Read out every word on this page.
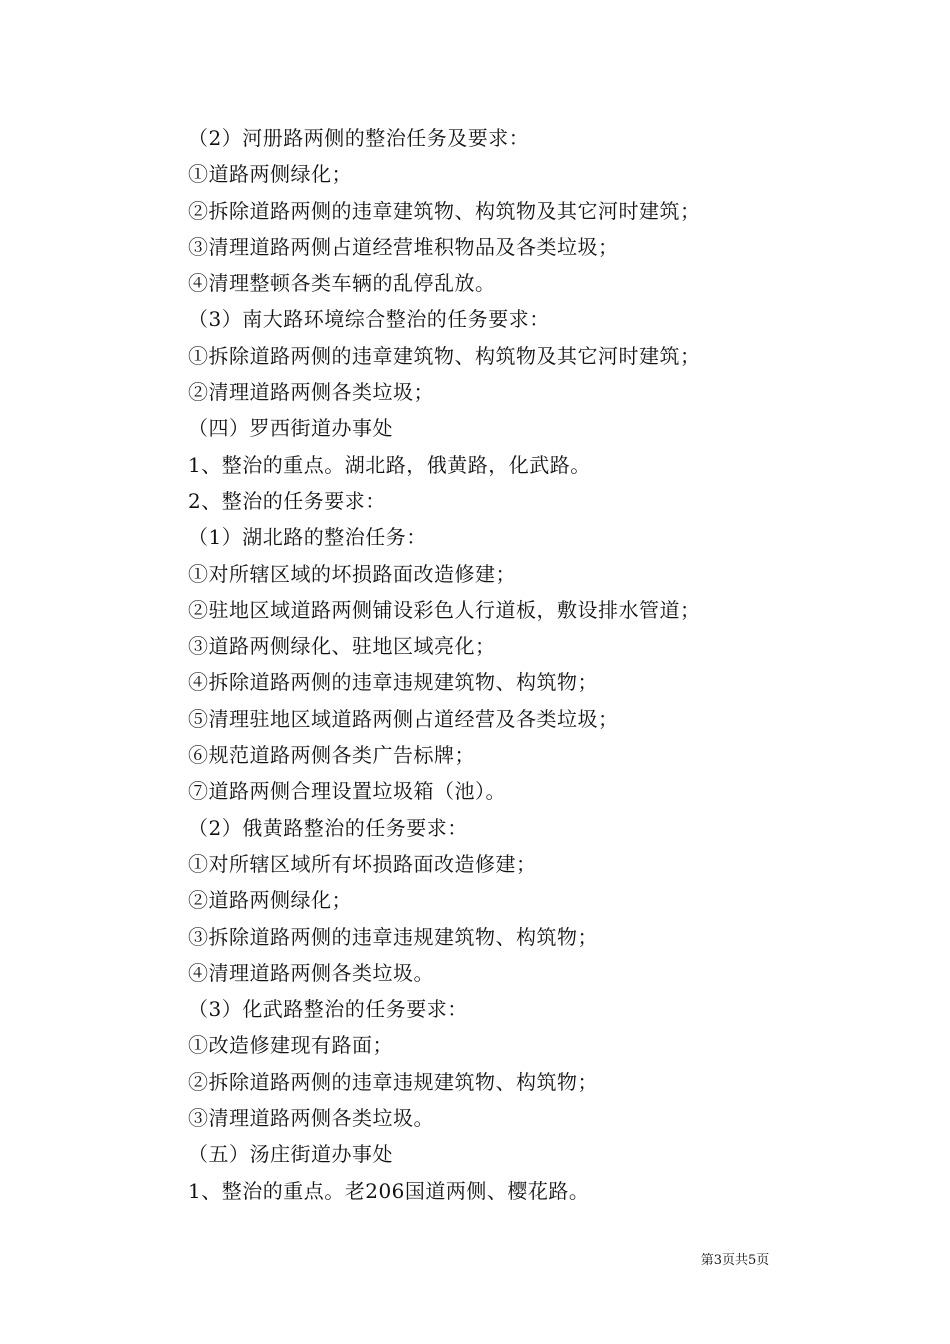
（2）河册路两侧的整治任务及要求：
①道路两侧绿化；
②拆除道路两侧的违章建筑物、构筑物及其它河时建筑；
③清理道路两侧占道经营堆积物品及各类垃圾；
④清理整顿各类车辆的乱停乱放。
（3）南大路环境综合整治的任务要求：
①拆除道路两侧的违章建筑物、构筑物及其它河时建筑；
②清理道路两侧各类垃圾；
（四）罗西街道办事处
1、整治的重点。湖北路，俄黄路，化武路。
2、整治的任务要求：
（1）湖北路的整治任务：
①对所辖区域的坏损路面改造修建；
②驻地区域道路两侧铺设彩色人行道板，敷设排水管道；
③道路两侧绿化、驻地区域亮化；
④拆除道路两侧的违章违规建筑物、构筑物；
⑤清理驻地区域道路两侧占道经营及各类垃圾；
⑥规范道路两侧各类广告标牌；
⑦道路两侧合理设置垃圾箱（池）。
（2）俄黄路整治的任务要求：
①对所辖区域所有坏损路面改造修建；
②道路两侧绿化；
③拆除道路两侧的违章违规建筑物、构筑物；
④清理道路两侧各类垃圾。
（3）化武路整治的任务要求：
①改造修建现有路面；
②拆除道路两侧的违章违规建筑物、构筑物；
③清理道路两侧各类垃圾。
（五）汤庄街道办事处
1、整治的重点。老206国道两侧、樱花路。
第3页共5页
